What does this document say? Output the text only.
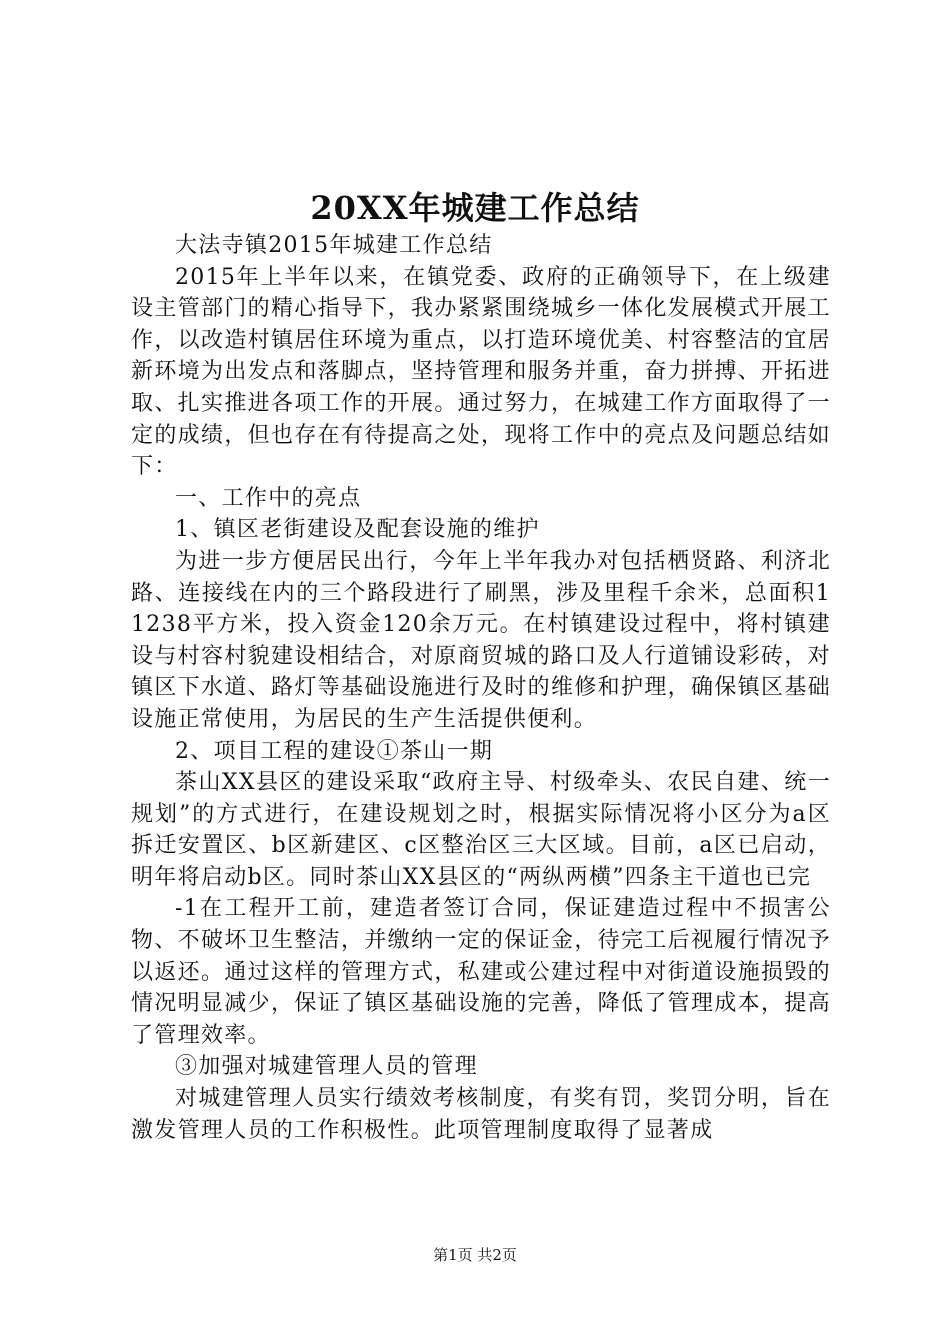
20XX年城建工作总结

大法寺镇2015年城建工作总结

2015年上半年以来，在镇党委、政府的正确领导下，在上级建设主管部门的精心指导下，我办紧紧围绕城乡一体化发展模式开展工作，以改造村镇居住环境为重点，以打造环境优美、村容整洁的宜居新环境为出发点和落脚点，坚持管理和服务并重，奋力拼搏、开拓进取、扎实推进各项工作的开展。通过努力，在城建工作方面取得了一定的成绩，但也存在有待提高之处，现将工作中的亮点及问题总结如下：

一、工作中的亮点

1、镇区老街建设及配套设施的维护

为进一步方便居民出行，今年上半年我办对包括栖贤路、利济北路、连接线在内的三个路段进行了刷黑，涉及里程千余米，总面积11238平方米，投入资金120余万元。在村镇建设过程中，将村镇建设与村容村貌建设相结合，对原商贸城的路口及人行道铺设彩砖，对镇区下水道、路灯等基础设施进行及时的维修和护理，确保镇区基础设施正常使用，为居民的生产生活提供便利。

2、项目工程的建设①茶山一期

茶山XX县区的建设采取“政府主导、村级牵头、农民自建、统一规划”的方式进行，在建设规划之时，根据实际情况将小区分为a区拆迁安置区、b区新建区、c区整治区三大区域。目前，a区已启动，明年将启动b区。同时茶山XX县区的“两纵两横”四条主干道也已完

-1在工程开工前，建造者签订合同，保证建造过程中不损害公物、不破坏卫生整洁，并缴纳一定的保证金，待完工后视履行情况予以返还。通过这样的管理方式，私建或公建过程中对街道设施损毁的情况明显减少，保证了镇区基础设施的完善，降低了管理成本，提高了管理效率。

③加强对城建管理人员的管理

对城建管理人员实行绩效考核制度，有奖有罚，奖罚分明，旨在激发管理人员的工作积极性。此项管理制度取得了显著成

第1页 共2页
